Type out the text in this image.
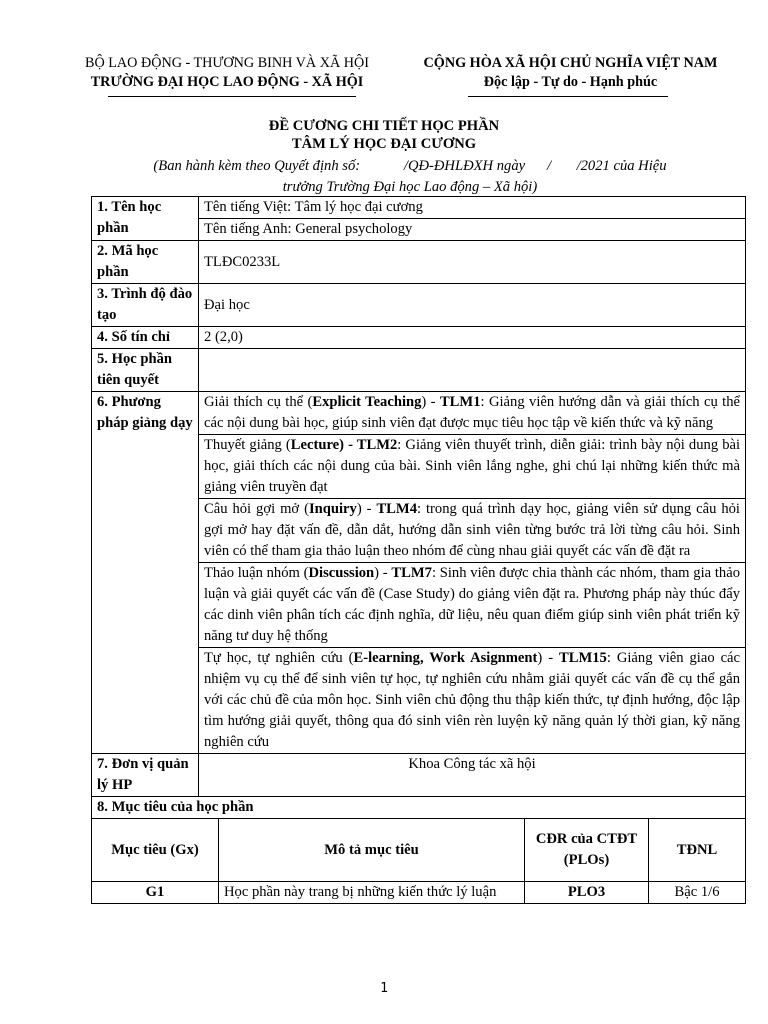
BỘ LAO ĐỘNG - THƯƠNG BINH VÀ XÃ HỘI
TRƯỜNG ĐẠI HỌC LAO ĐỘNG - XÃ HỘI
CỘNG HÒA XÃ HỘI CHỦ NGHĨA VIỆT NAM
Độc lập - Tự do - Hạnh phúc
ĐỀ CƯƠNG CHI TIẾT HỌC PHẦN
TÂM LÝ HỌC ĐẠI CƯƠNG
(Ban hành kèm theo Quyết định số:            /QĐ-ĐHLĐXH ngày      /       /2021 của Hiệu
trưởng Trường Đại học Lao động – Xã hội)
1. Tên học phần	Tên tiếng Việt: Tâm lý học đại cương			
	Tên tiếng Anh: General psychology			
2. Mã học phần	TLĐC0233L			
3. Trình độ đào tạo	Đại học			
4. Số tín chỉ	2 (2,0)			
5. Học phần tiên quyết				
6. Phương pháp giảng dạy	Giải thích cụ thể (Explicit Teaching) - TLM1: Giảng viên hướng dẫn và giải thích cụ thể các nội dung bài học, giúp sinh viên đạt được mục tiêu học tập về kiến thức và kỹ năng			
	Thuyết giảng (Lecture) - TLM2: Giảng viên thuyết trình, diễn giải: trình bày nội dung bài học, giải thích các nội dung của bài. Sinh viên lắng nghe, ghi chú lại những kiến thức mà giảng viên truyền đạt			
	Câu hỏi gợi mở (Inquiry) - TLM4: trong quá trình dạy học, giảng viên sử dụng câu hỏi gợi mở hay đặt vấn đề, dẫn dắt, hướng dẫn sinh viên từng bước trả lời từng câu hỏi. Sinh viên có thể tham gia thảo luận theo nhóm để cùng nhau giải quyết các vấn đề đặt ra			
	Thảo luận nhóm (Discussion) - TLM7: Sinh viên được chia thành các nhóm, tham gia thảo luận và giải quyết các vấn đề (Case Study) do giảng viên đặt ra. Phương pháp này thúc đẩy các dinh viên phân tích các định nghĩa, dữ liệu, nêu quan điểm giúp sinh viên phát triển kỹ năng tư duy hệ thống			
	Tự học, tự nghiên cứu (E-learning, Work Asignment) - TLM15: Giảng viên giao các nhiệm vụ cụ thể để sinh viên tự học, tự nghiên cứu nhằm giải quyết các vấn đề cụ thể gắn với các chủ đề của môn học. Sinh viên chủ động thu thập kiến thức, tự định hướng, độc lập tìm hướng giải quyết, thông qua đó sinh viên rèn luyện kỹ năng quản lý thời gian, kỹ năng nghiên cứu			
7. Đơn vị quản lý HP	Khoa Công tác xã hội			
8. Mục tiêu của học phần				
Mục tiêu (Gx)		Mô tả mục tiêu	CĐR của CTĐT (PLOs)	TĐNL
G1		Học phần này trang bị những kiến thức lý luận	PLO3	Bậc 1/6
1
